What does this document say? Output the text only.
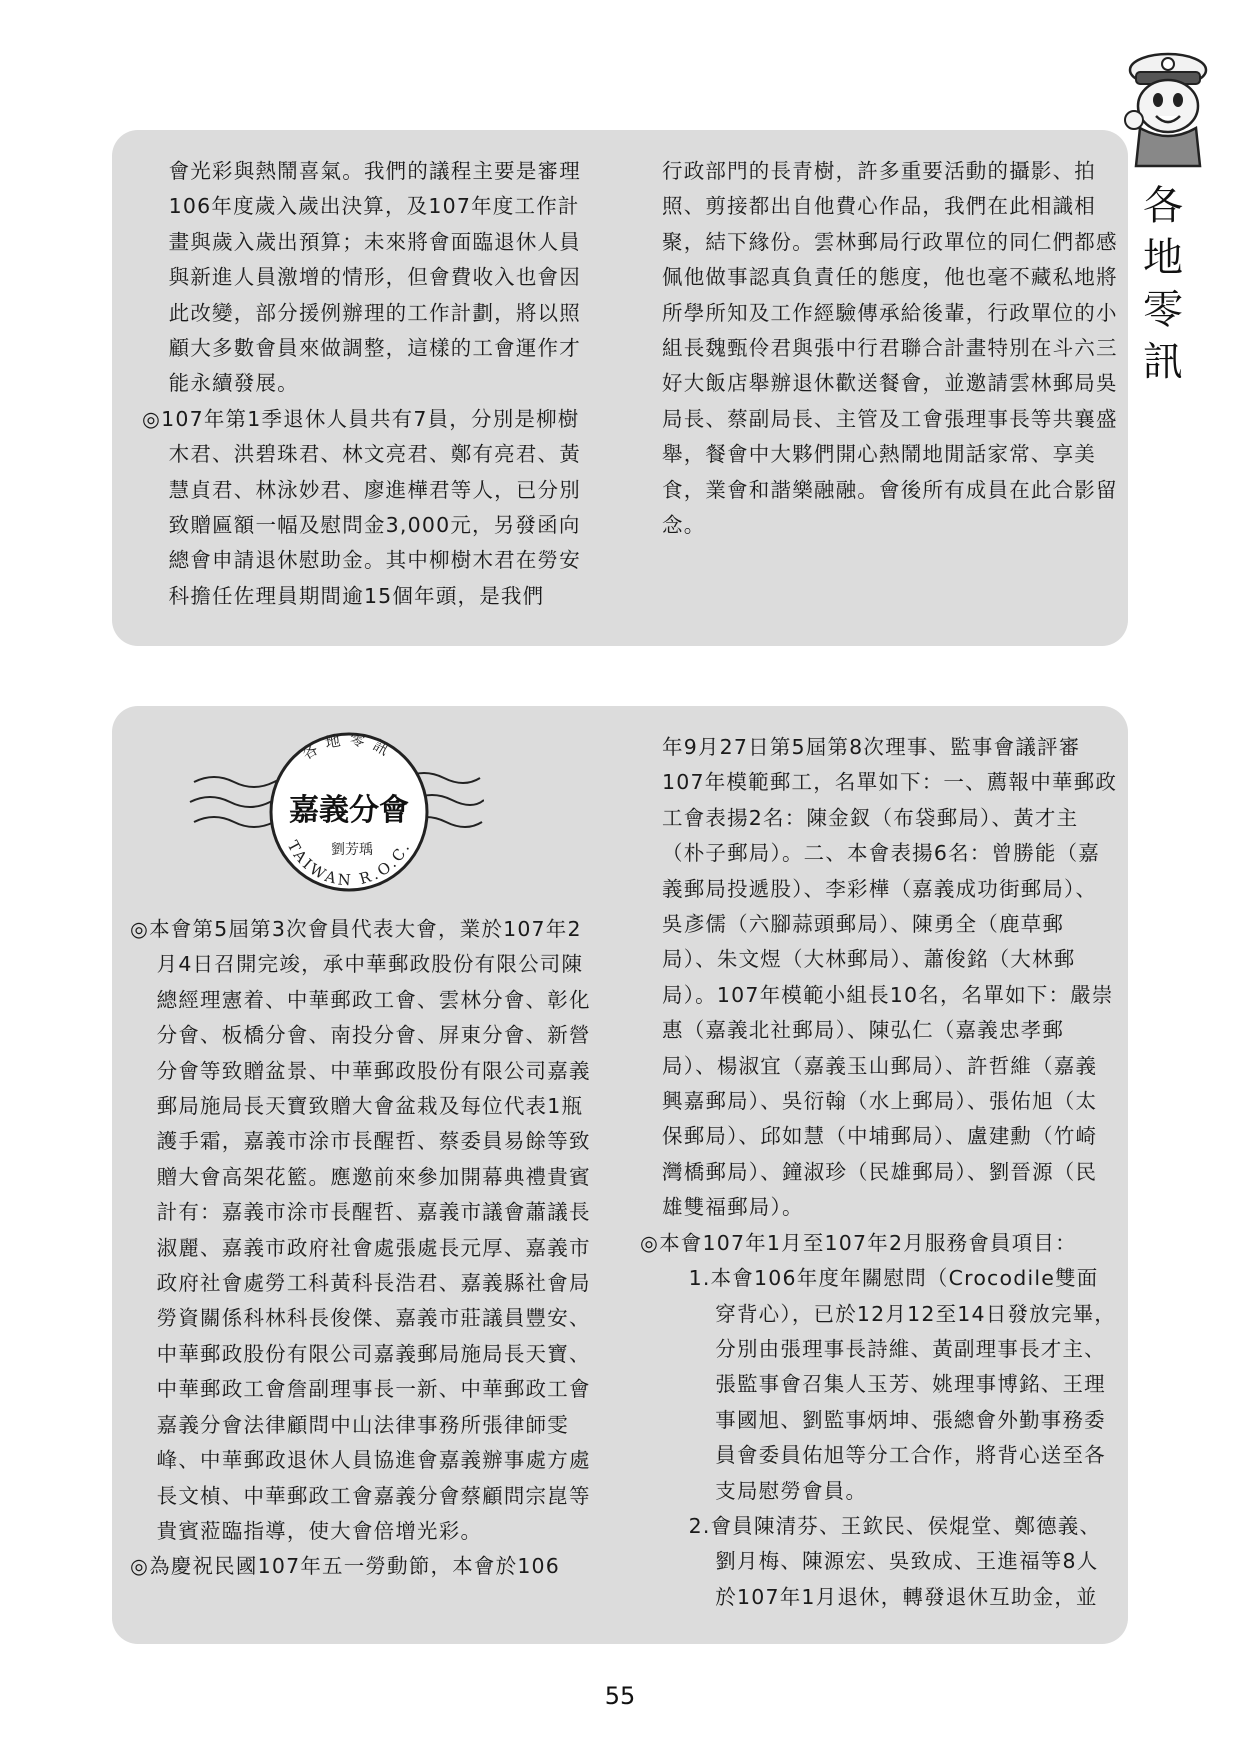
各
地
零
訊
會光彩與熱鬧喜氣。我們的議程主要是審理106年度歲入歲出決算，及107年度工作計畫與歲入歲出預算；未來將會面臨退休人員與新進人員激增的情形，但會費收入也會因此改變，部分援例辦理的工作計劃，將以照顧大多數會員來做調整，這樣的工會運作才能永續發展。
◎107年第1季退休人員共有7員，分別是柳樹木君、洪碧珠君、林文亮君、鄭有亮君、黃慧貞君、林泳妙君、廖進樺君等人，已分別致贈匾額一幅及慰問金3,000元，另發函向總會申請退休慰助金。其中柳樹木君在勞安科擔任佐理員期間逾15個年頭，是我們
行政部門的長青樹，許多重要活動的攝影、拍照、剪接都出自他費心作品，我們在此相識相聚，結下緣份。雲林郵局行政單位的同仁們都感佩他做事認真負責任的態度，他也毫不藏私地將所學所知及工作經驗傳承給後輩，行政單位的小組長魏甄伶君與張中行君聯合計畫特別在斗六三好大飯店舉辦退休歡送餐會，並邀請雲林郵局吳局長、蔡副局長、主管及工會張理事長等共襄盛舉，餐會中大夥們開心熱鬧地閒話家常、享美食，業會和諧樂融融。會後所有成員在此合影留念。
◎本會第5屆第3次會員代表大會，業於107年2月4日召開完竣，承中華郵政股份有限公司陳總經理憲着、中華郵政工會、雲林分會、彰化分會、板橋分會、南投分會、屏東分會、新營分會等致贈盆景、中華郵政股份有限公司嘉義郵局施局長天寶致贈大會盆栽及每位代表1瓶護手霜，嘉義市涂市長醒哲、蔡委員易餘等致贈大會高架花籃。應邀前來參加開幕典禮貴賓計有：嘉義市涂市長醒哲、嘉義市議會蕭議長淑麗、嘉義市政府社會處張處長元厚、嘉義市政府社會處勞工科黃科長浩君、嘉義縣社會局勞資關係科林科長俊傑、嘉義市莊議員豐安、中華郵政股份有限公司嘉義郵局施局長天寶、中華郵政工會詹副理事長一新、中華郵政工會嘉義分會法律顧問中山法律事務所張律師雯峰、中華郵政退休人員協進會嘉義辦事處方處長文楨、中華郵政工會嘉義分會蔡顧問宗崑等貴賓蒞臨指導，使大會倍增光彩。
◎為慶祝民國107年五一勞動節，本會於106
年9月27日第5屆第8次理事、監事會議評審107年模範郵工，名單如下：一、薦報中華郵政工會表揚2名：陳金釵（布袋郵局）、黃才主（朴子郵局）。二、本會表揚6名：曾勝能（嘉義郵局投遞股）、李彩樺（嘉義成功街郵局）、吳彥儒（六腳蒜頭郵局）、陳勇全（鹿草郵局）、朱文煜（大林郵局）、蕭俊銘（大林郵局）。107年模範小組長10名，名單如下：嚴崇惠（嘉義北社郵局）、陳弘仁（嘉義忠孝郵局）、楊淑宜（嘉義玉山郵局）、許哲維（嘉義興嘉郵局）、吳衍翰（水上郵局）、張佑旭（太保郵局）、邱如慧（中埔郵局）、盧建勳（竹崎灣橋郵局）、鐘淑珍（民雄郵局）、劉晉源（民雄雙福郵局）。
◎本會107年1月至107年2月服務會員項目：
1.本會106年度年關慰問（Crocodile雙面穿背心），已於12月12至14日發放完畢，分別由張理事長詩維、黃副理事長才主、張監事會召集人玉芳、姚理事博銘、王理事國旭、劉監事炳坤、張總會外勤事務委員會委員佑旭等分工合作，將背心送至各支局慰勞會員。
2.會員陳清芬、王欽民、侯焜堂、鄭德義、劉月梅、陳源宏、吳致成、王進福等8人於107年1月退休，轉發退休互助金，並
各地零訊
嘉義分會
劉芳瑀
TAIWAN R.O.C.
55
